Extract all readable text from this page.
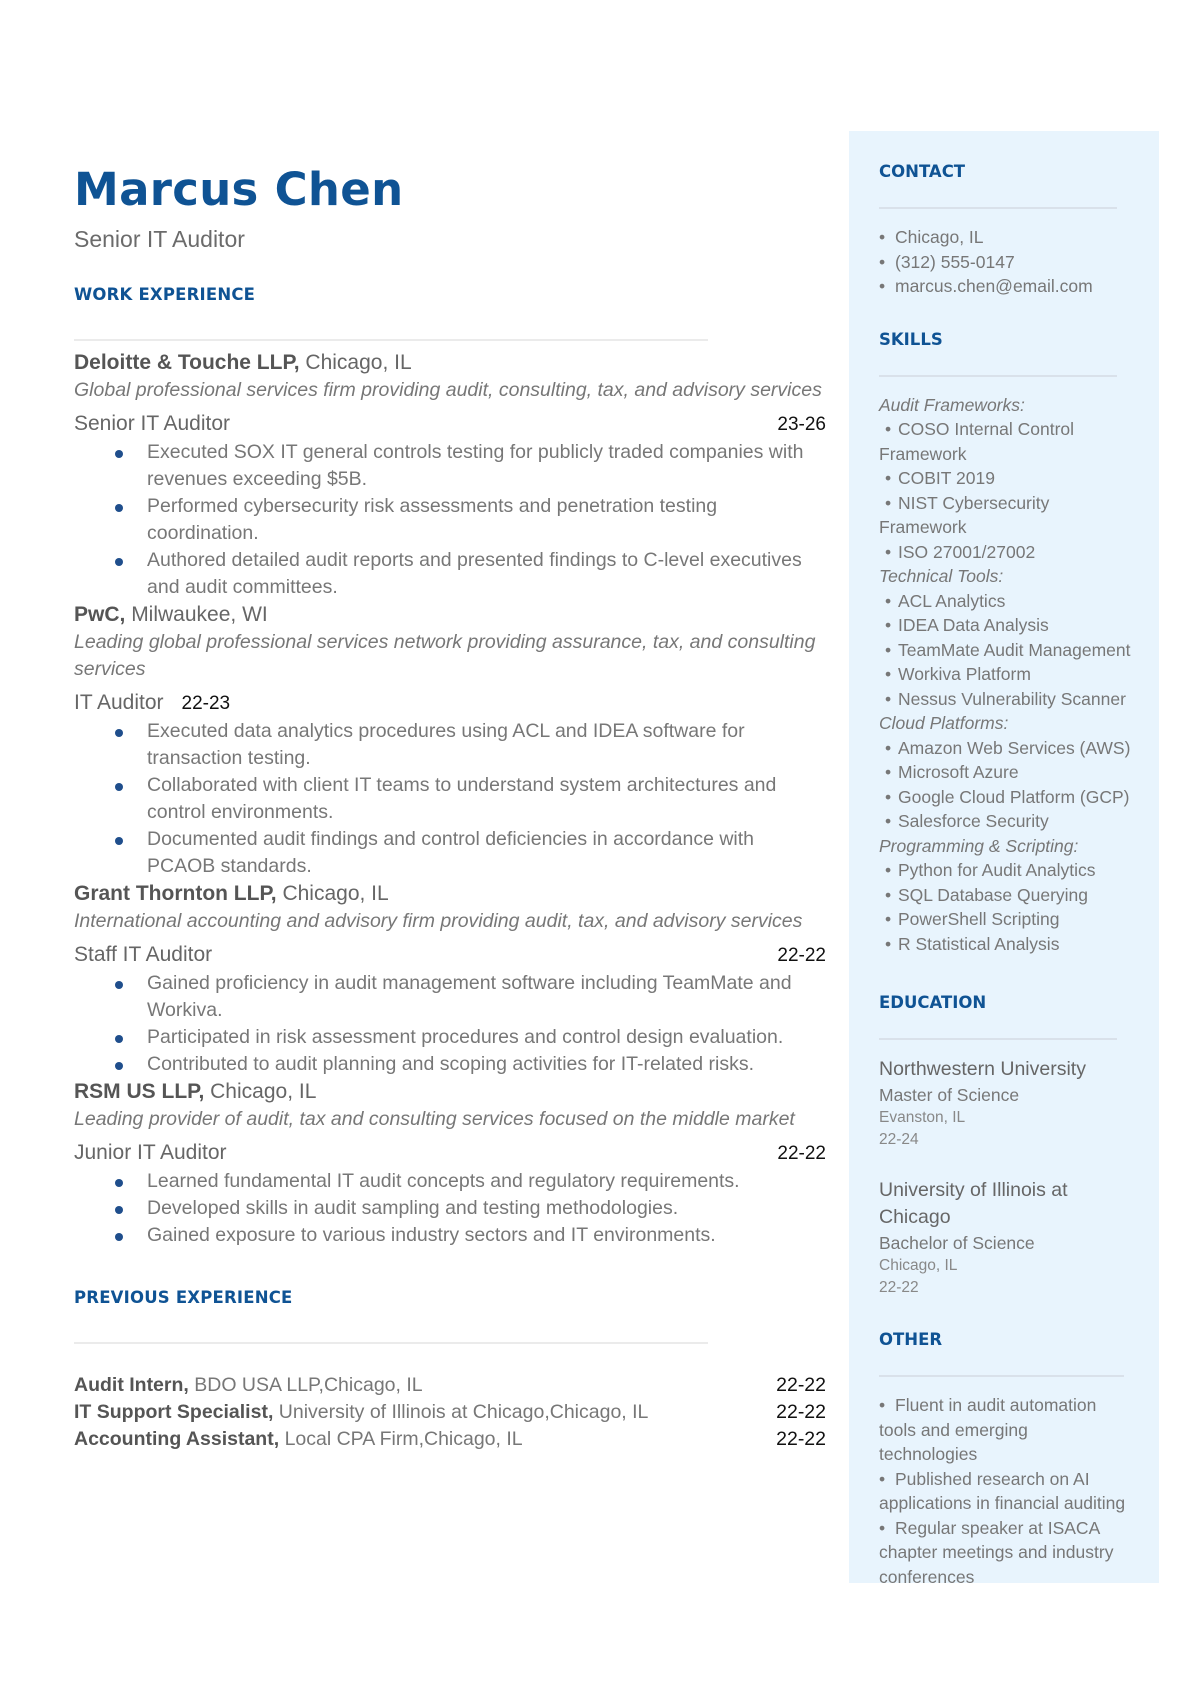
Marcus Chen
Senior IT Auditor
WORK EXPERIENCE
Deloitte & Touche LLP, Chicago, IL
Global professional services firm providing audit, consulting, tax, and advisory services
Senior IT Auditor	23-26
Executed SOX IT general controls testing for publicly traded companies with revenues exceeding $5B.
Performed cybersecurity risk assessments and penetration testing coordination.
Authored detailed audit reports and presented findings to C-level executives and audit committees.
PwC, Milwaukee, WI
Leading global professional services network providing assurance, tax, and consulting services
IT Auditor 22-23
Executed data analytics procedures using ACL and IDEA software for transaction testing.
Collaborated with client IT teams to understand system architectures and control environments.
Documented audit findings and control deficiencies in accordance with PCAOB standards.
Grant Thornton LLP, Chicago, IL
International accounting and advisory firm providing audit, tax, and advisory services
Staff IT Auditor	22-22
Gained proficiency in audit management software including TeamMate and Workiva.
Participated in risk assessment procedures and control design evaluation.
Contributed to audit planning and scoping activities for IT-related risks.
RSM US LLP, Chicago, IL
Leading provider of audit, tax and consulting services focused on the middle market
Junior IT Auditor	22-22
Learned fundamental IT audit concepts and regulatory requirements.
Developed skills in audit sampling and testing methodologies.
Gained exposure to various industry sectors and IT environments.
PREVIOUS EXPERIENCE
Audit Intern, BDO USA LLP,Chicago, IL	22-22
IT Support Specialist, University of Illinois at Chicago,Chicago, IL	22-22
Accounting Assistant, Local CPA Firm,Chicago, IL	22-22
CONTACT
• Chicago, IL
• (312) 555-0147
• marcus.chen@email.com
SKILLS
Audit Frameworks:
• COSO Internal Control Framework
• COBIT 2019
• NIST Cybersecurity Framework
• ISO 27001/27002
Technical Tools:
• ACL Analytics
• IDEA Data Analysis
• TeamMate Audit Management
• Workiva Platform
• Nessus Vulnerability Scanner
Cloud Platforms:
• Amazon Web Services (AWS)
• Microsoft Azure
• Google Cloud Platform (GCP)
• Salesforce Security
Programming & Scripting:
• Python for Audit Analytics
• SQL Database Querying
• PowerShell Scripting
• R Statistical Analysis
EDUCATION
Northwestern University
Master of Science
Evanston, IL
22-24
University of Illinois at Chicago
Bachelor of Science
Chicago, IL
22-22
OTHER
• Fluent in audit automation tools and emerging technologies
• Published research on AI applications in financial auditing
• Regular speaker at ISACA chapter meetings and industry conferences
